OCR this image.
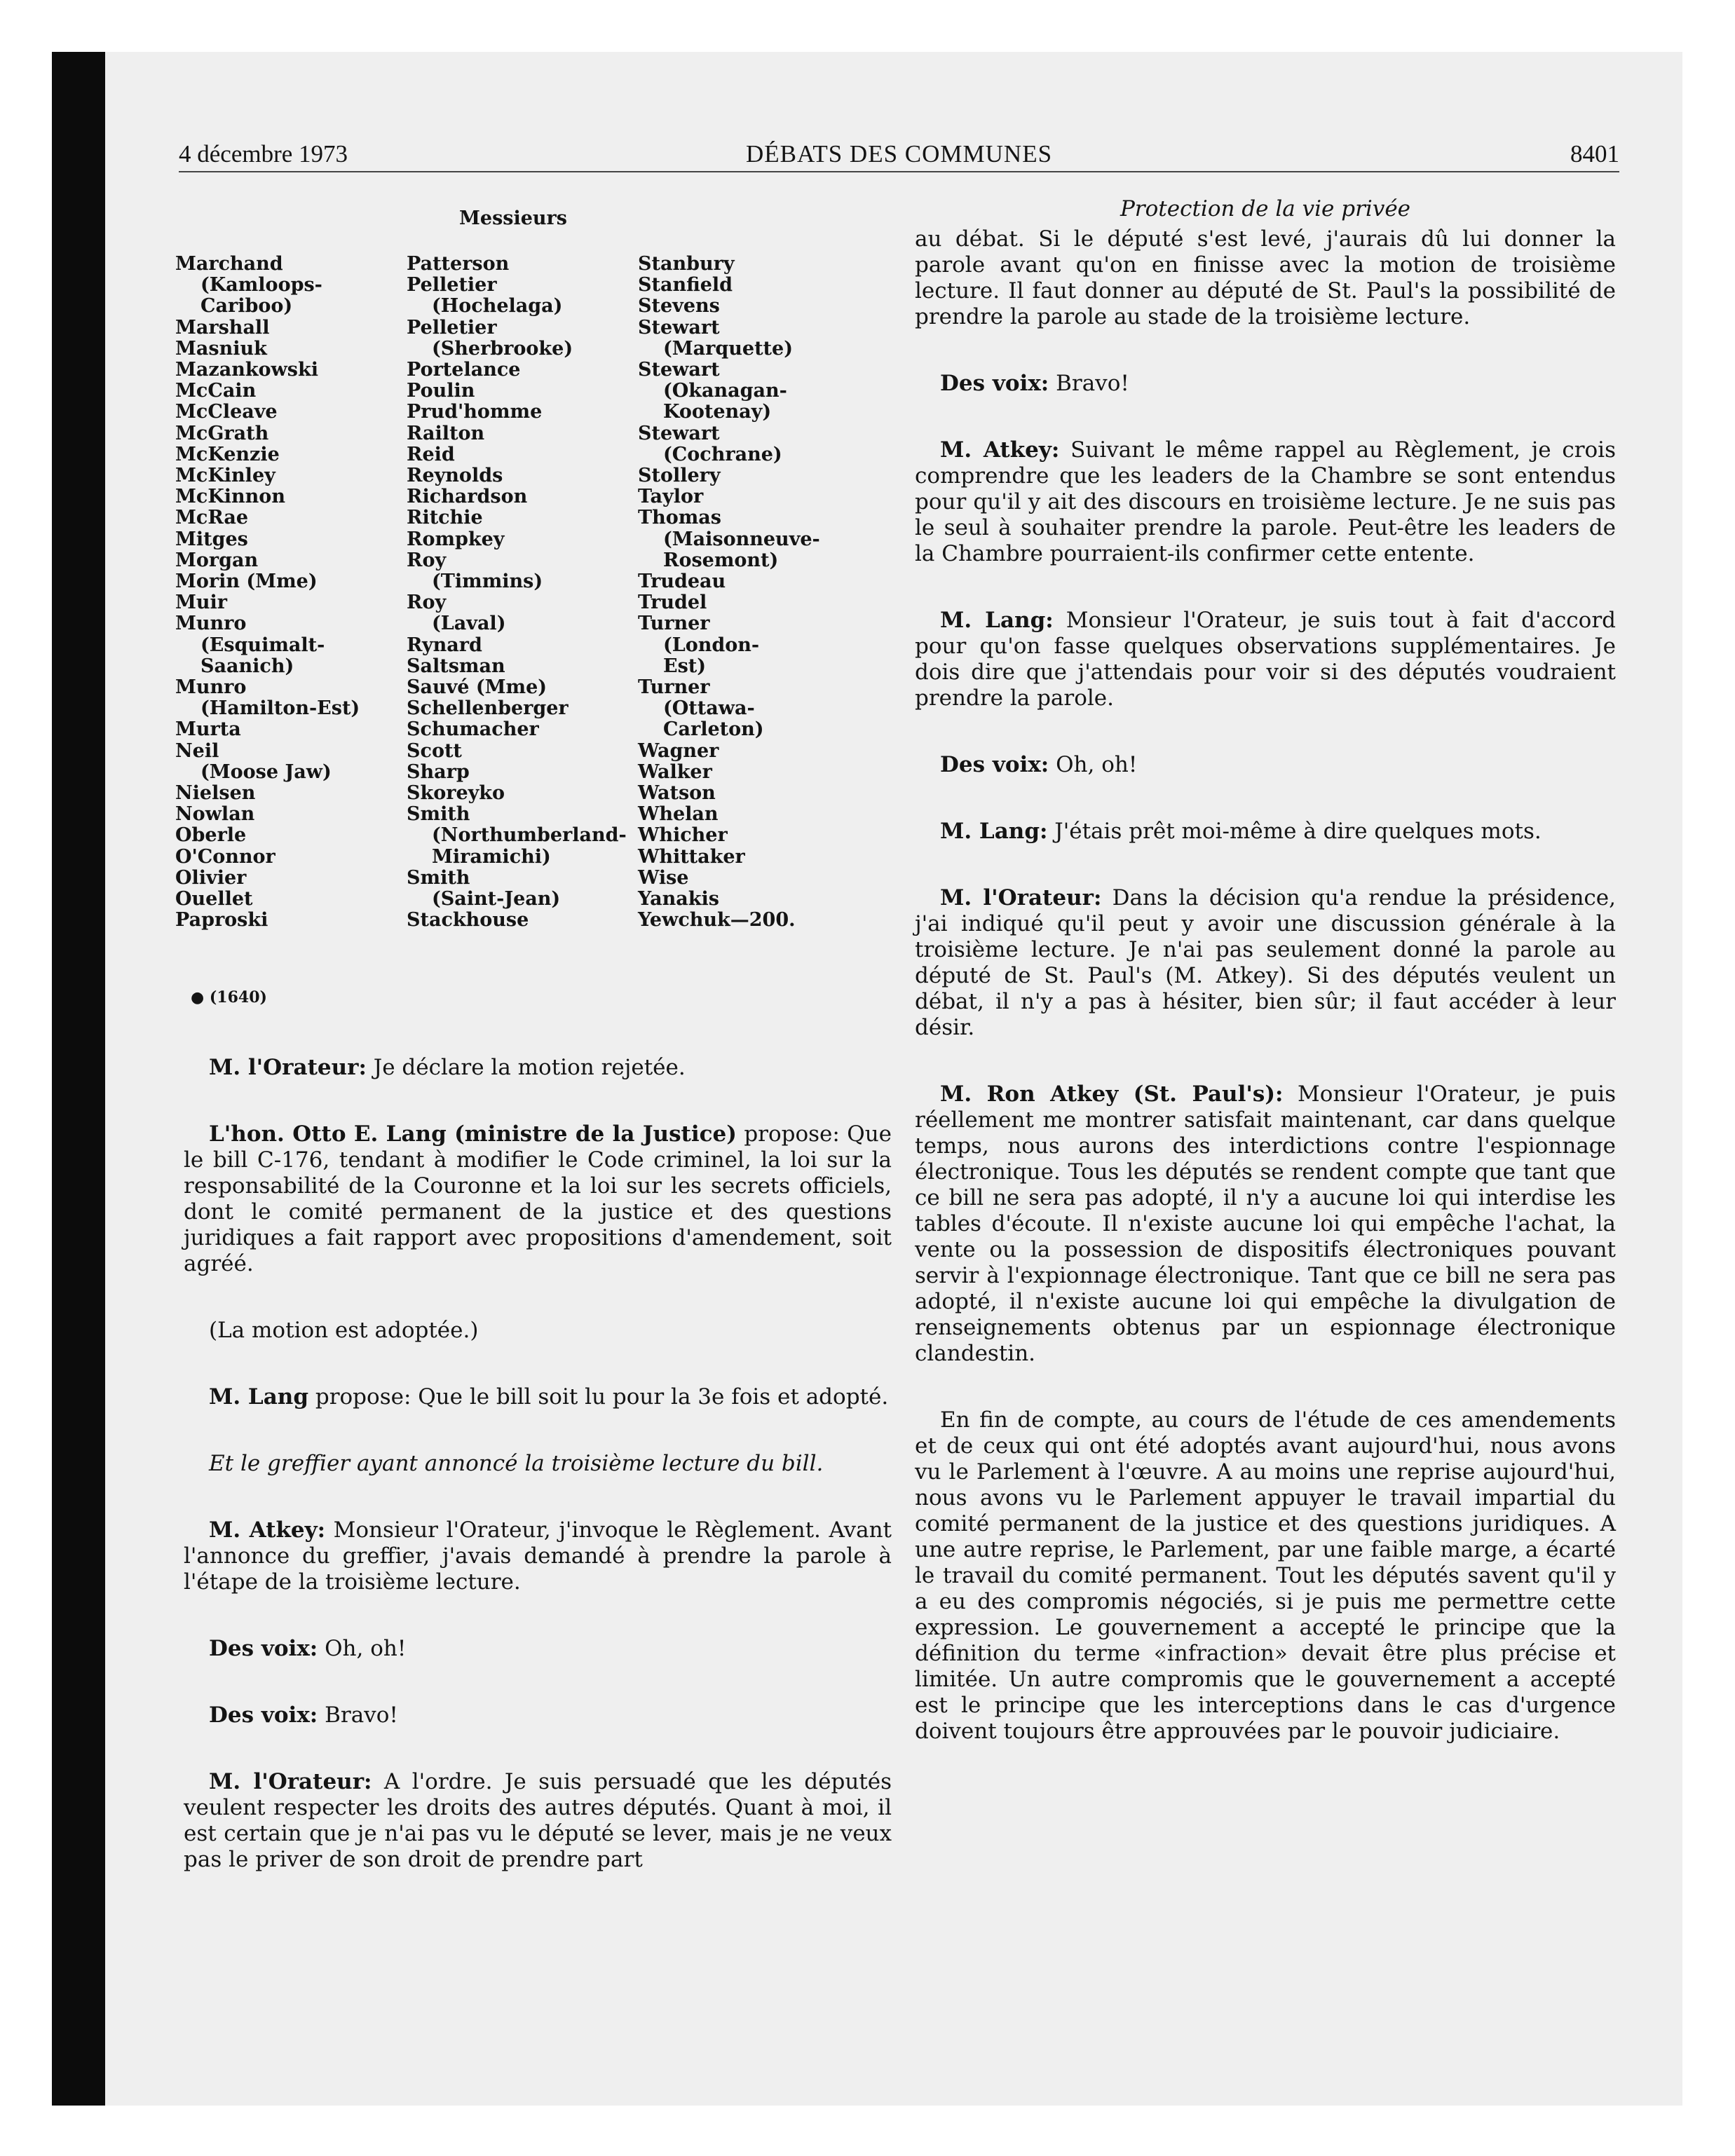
DÉBATS DES COMMUNES
4 décembre 1973	8401
Messieurs
Marchand
(Kamloops-
Cariboo)
Marshall
Masniuk
Mazankowski
McCain
McCleave
McGrath
McKenzie
McKinley
McKinnon
McRae
Mitges
Morgan
Morin (Mme)
Muir
Munro
(Esquimalt-
Saanich)
Munro
(Hamilton-Est)
Murta
Neil
(Moose Jaw)
Nielsen
Nowlan
Oberle
O'Connor
Olivier
Ouellet
Paproski
Patterson
Pelletier
(Hochelaga)
Pelletier
(Sherbrooke)
Portelance
Poulin
Prud'homme
Railton
Reid
Reynolds
Richardson
Ritchie
Rompkey
Roy
(Timmins)
Roy
(Laval)
Rynard
Saltsman
Sauvé (Mme)
Schellenberger
Schumacher
Scott
Sharp
Skoreyko
Smith
(Northumberland-
Miramichi)
Smith
(Saint-Jean)
Stackhouse
Stanbury
Stanfield
Stevens
Stewart
(Marquette)
Stewart
(Okanagan-
Kootenay)
Stewart
(Cochrane)
Stollery
Taylor
Thomas
(Maisonneuve-
Rosemont)
Trudeau
Trudel
Turner
(London-
Est)
Turner
(Ottawa-
Carleton)
Wagner
Walker
Watson
Whelan
Whicher
Whittaker
Wise
Yanakis
Yewchuk—200.
● (1640)

M. l'Orateur: Je déclare la motion rejetée.

L'hon. Otto E. Lang (ministre de la Justice) propose: Que le bill C-176, tendant à modifier le Code criminel, la loi sur la responsabilité de la Couronne et la loi sur les secrets officiels, dont le comité permanent de la justice et des questions juridiques a fait rapport avec propositions d'amendement, soit agréé.

(La motion est adoptée.)

M. Lang propose: Que le bill soit lu pour la 3e fois et adopté.

Et le greffier ayant annoncé la troisième lecture du bill.

M. Atkey: Monsieur l'Orateur, j'invoque le Règlement. Avant l'annonce du greffier, j'avais demandé à prendre la parole à l'étape de la troisième lecture.

Des voix: Oh, oh!

Des voix: Bravo!

M. l'Orateur: A l'ordre. Je suis persuadé que les députés veulent respecter les droits des autres députés. Quant à moi, il est certain que je n'ai pas vu le député se lever, mais je ne veux pas le priver de son droit de prendre part

Protection de la vie privée

au débat. Si le député s'est levé, j'aurais dû lui donner la parole avant qu'on en finisse avec la motion de troisième lecture. Il faut donner au député de St. Paul's la possibilité de prendre la parole au stade de la troisième lecture.

Des voix: Bravo!

M. Atkey: Suivant le même rappel au Règlement, je crois comprendre que les leaders de la Chambre se sont entendus pour qu'il y ait des discours en troisième lecture. Je ne suis pas le seul à souhaiter prendre la parole. Peut-être les leaders de la Chambre pourraient-ils confirmer cette entente.

M. Lang: Monsieur l'Orateur, je suis tout à fait d'accord pour qu'on fasse quelques observations supplémentaires. Je dois dire que j'attendais pour voir si des députés voudraient prendre la parole.

Des voix: Oh, oh!

M. Lang: J'étais prêt moi-même à dire quelques mots.

M. l'Orateur: Dans la décision qu'a rendue la présidence, j'ai indiqué qu'il peut y avoir une discussion générale à la troisième lecture. Je n'ai pas seulement donné la parole au député de St. Paul's (M. Atkey). Si des députés veulent un débat, il n'y a pas à hésiter, bien sûr; il faut accéder à leur désir.

M. Ron Atkey (St. Paul's): Monsieur l'Orateur, je puis réellement me montrer satisfait maintenant, car dans quelque temps, nous aurons des interdictions contre l'espionnage électronique. Tous les députés se rendent compte que tant que ce bill ne sera pas adopté, il n'y a aucune loi qui interdise les tables d'écoute. Il n'existe aucune loi qui empêche l'achat, la vente ou la possession de dispositifs électroniques pouvant servir à l'expionnage électronique. Tant que ce bill ne sera pas adopté, il n'existe aucune loi qui empêche la divulgation de renseignements obtenus par un espionnage électronique clandestin.

En fin de compte, au cours de l'étude de ces amendements et de ceux qui ont été adoptés avant aujourd'hui, nous avons vu le Parlement à l'œuvre. A au moins une reprise aujourd'hui, nous avons vu le Parlement appuyer le travail impartial du comité permanent de la justice et des questions juridiques. A une autre reprise, le Parlement, par une faible marge, a écarté le travail du comité permanent. Tout les députés savent qu'il y a eu des compromis négociés, si je puis me permettre cette expression. Le gouvernement a accepté le principe que la définition du terme «infraction» devait être plus précise et limitée. Un autre compromis que le gouvernement a accepté est le principe que les interceptions dans le cas d'urgence doivent toujours être approuvées par le pouvoir judiciaire.
